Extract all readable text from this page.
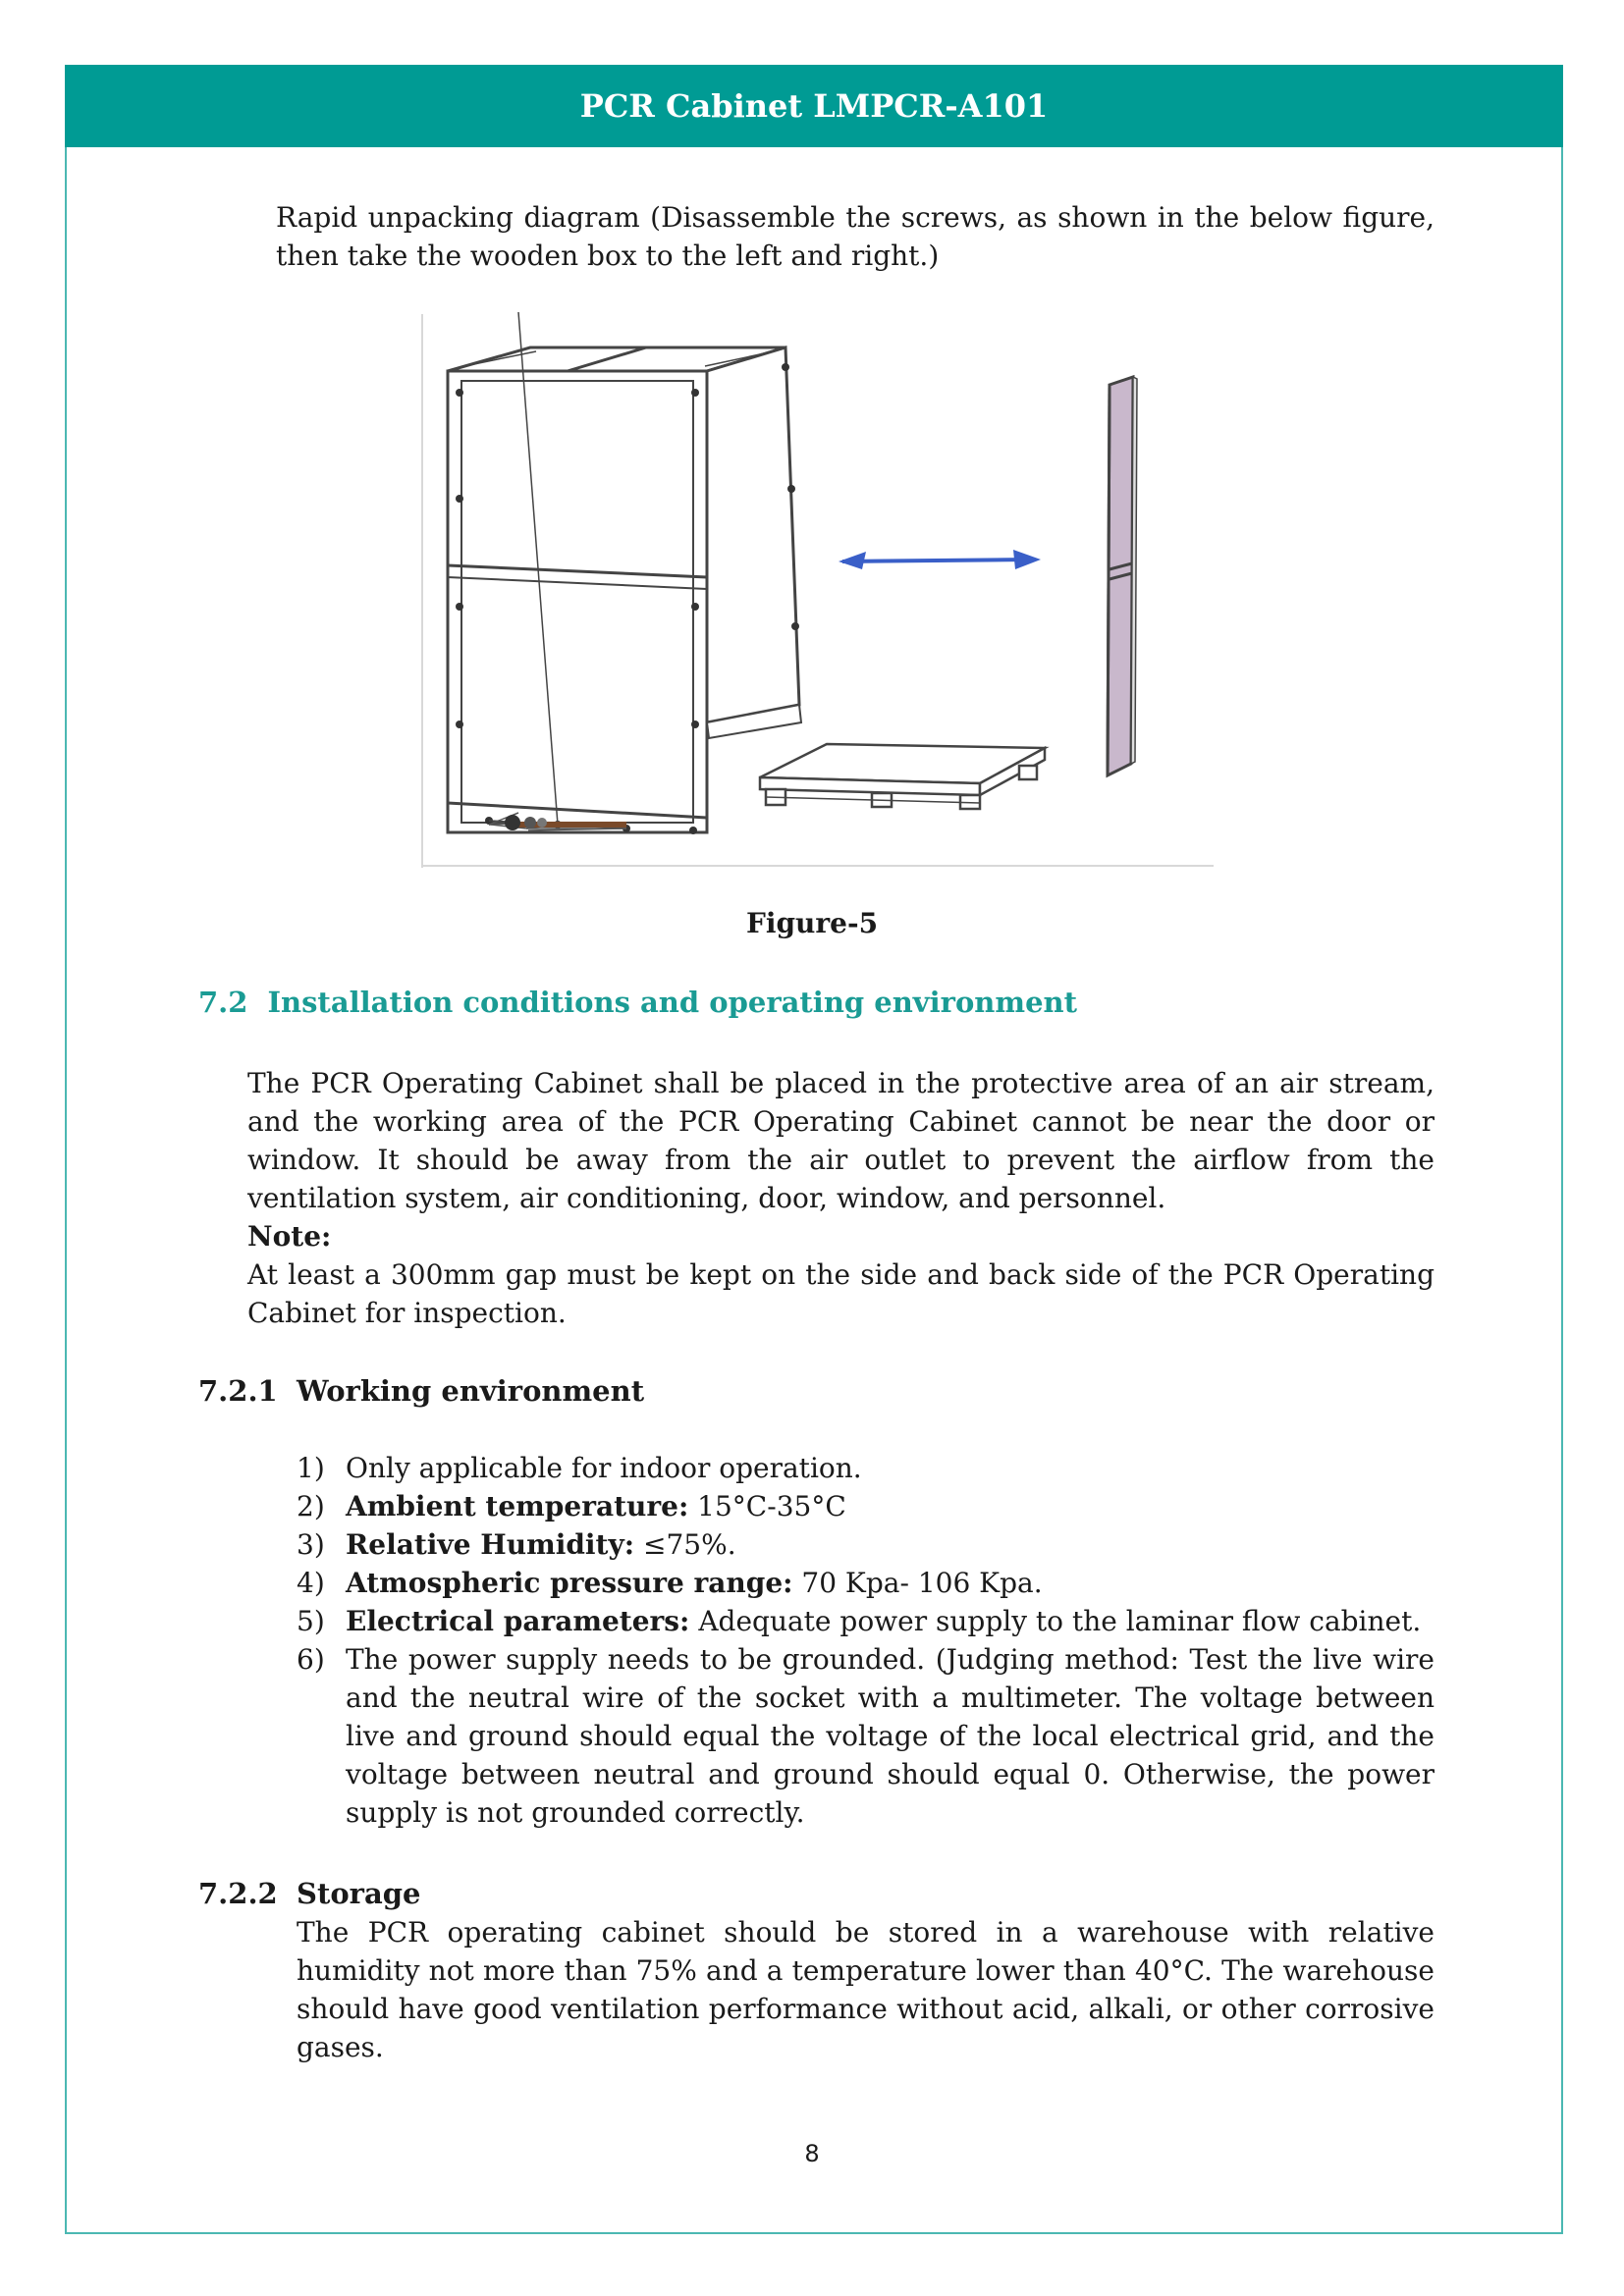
PCR Cabinet LMPCR-A101

Rapid unpacking diagram (Disassemble the screws, as shown in the below figure, then take the wooden box to the left and right.)

Figure-5
7.2 Installation conditions and operating environment

The PCR Operating Cabinet shall be placed in the protective area of an air stream, and the working area of the PCR Operating Cabinet cannot be near the door or window. It should be away from the air outlet to prevent the airflow from the ventilation system, air conditioning, door, window, and personnel.

Note:

At least a 300mm gap must be kept on the side and back side of the PCR Operating Cabinet for inspection.

7.2.1 Working environment
1) Only applicable for indoor operation.
2) Ambient temperature: 15°C-35°C
3) Relative Humidity: ≤75%.
4) Atmospheric pressure range: 70 Kpa- 106 Kpa.
5) Electrical parameters: Adequate power supply to the laminar flow cabinet.
6) The power supply needs to be grounded. (Judging method: Test the live wire and the neutral wire of the socket with a multimeter. The voltage between live and ground should equal the voltage of the local electrical grid, and the voltage between neutral and ground should equal 0. Otherwise, the power supply is not grounded correctly.
7.2.2 Storage

The PCR operating cabinet should be stored in a warehouse with relative humidity not more than 75% and a temperature lower than 40°C. The warehouse should have good ventilation performance without acid, alkali, or other corrosive gases.

8
